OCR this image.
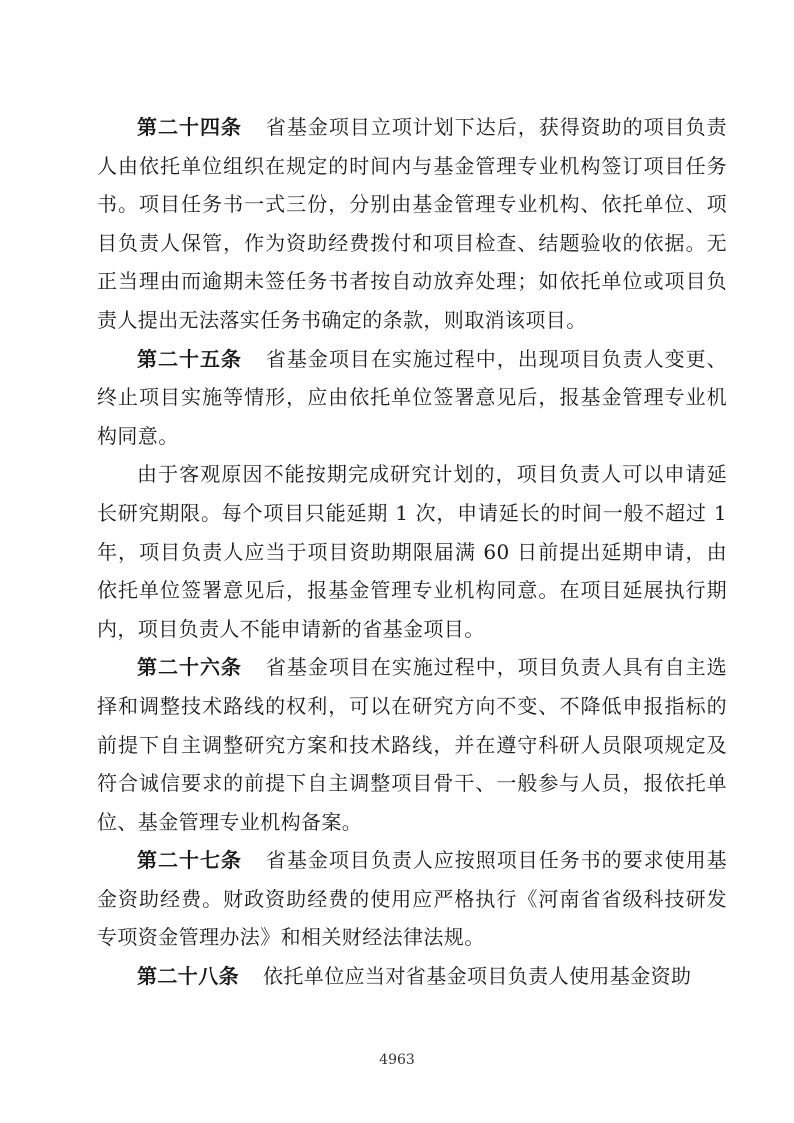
第二十四条 省基金项目立项计划下达后，获得资助的项目负责人由依托单位组织在规定的时间内与基金管理专业机构签订项目任务书。项目任务书一式三份，分别由基金管理专业机构、依托单位、项目负责人保管，作为资助经费拨付和项目检查、结题验收的依据。无正当理由而逾期未签任务书者按自动放弃处理；如依托单位或项目负责人提出无法落实任务书确定的条款，则取消该项目。

第二十五条 省基金项目在实施过程中，出现项目负责人变更、终止项目实施等情形，应由依托单位签署意见后，报基金管理专业机构同意。

由于客观原因不能按期完成研究计划的，项目负责人可以申请延长研究期限。每个项目只能延期 1 次，申请延长的时间一般不超过 1 年，项目负责人应当于项目资助期限届满 60 日前提出延期申请，由依托单位签署意见后，报基金管理专业机构同意。在项目延展执行期内，项目负责人不能申请新的省基金项目。

第二十六条 省基金项目在实施过程中，项目负责人具有自主选择和调整技术路线的权利，可以在研究方向不变、不降低申报指标的前提下自主调整研究方案和技术路线，并在遵守科研人员限项规定及符合诚信要求的前提下自主调整项目骨干、一般参与人员，报依托单位、基金管理专业机构备案。

第二十七条 省基金项目负责人应按照项目任务书的要求使用基金资助经费。财政资助经费的使用应严格执行《河南省省级科技研发专项资金管理办法》和相关财经法律法规。

第二十八条 依托单位应当对省基金项目负责人使用基金资助

4963
